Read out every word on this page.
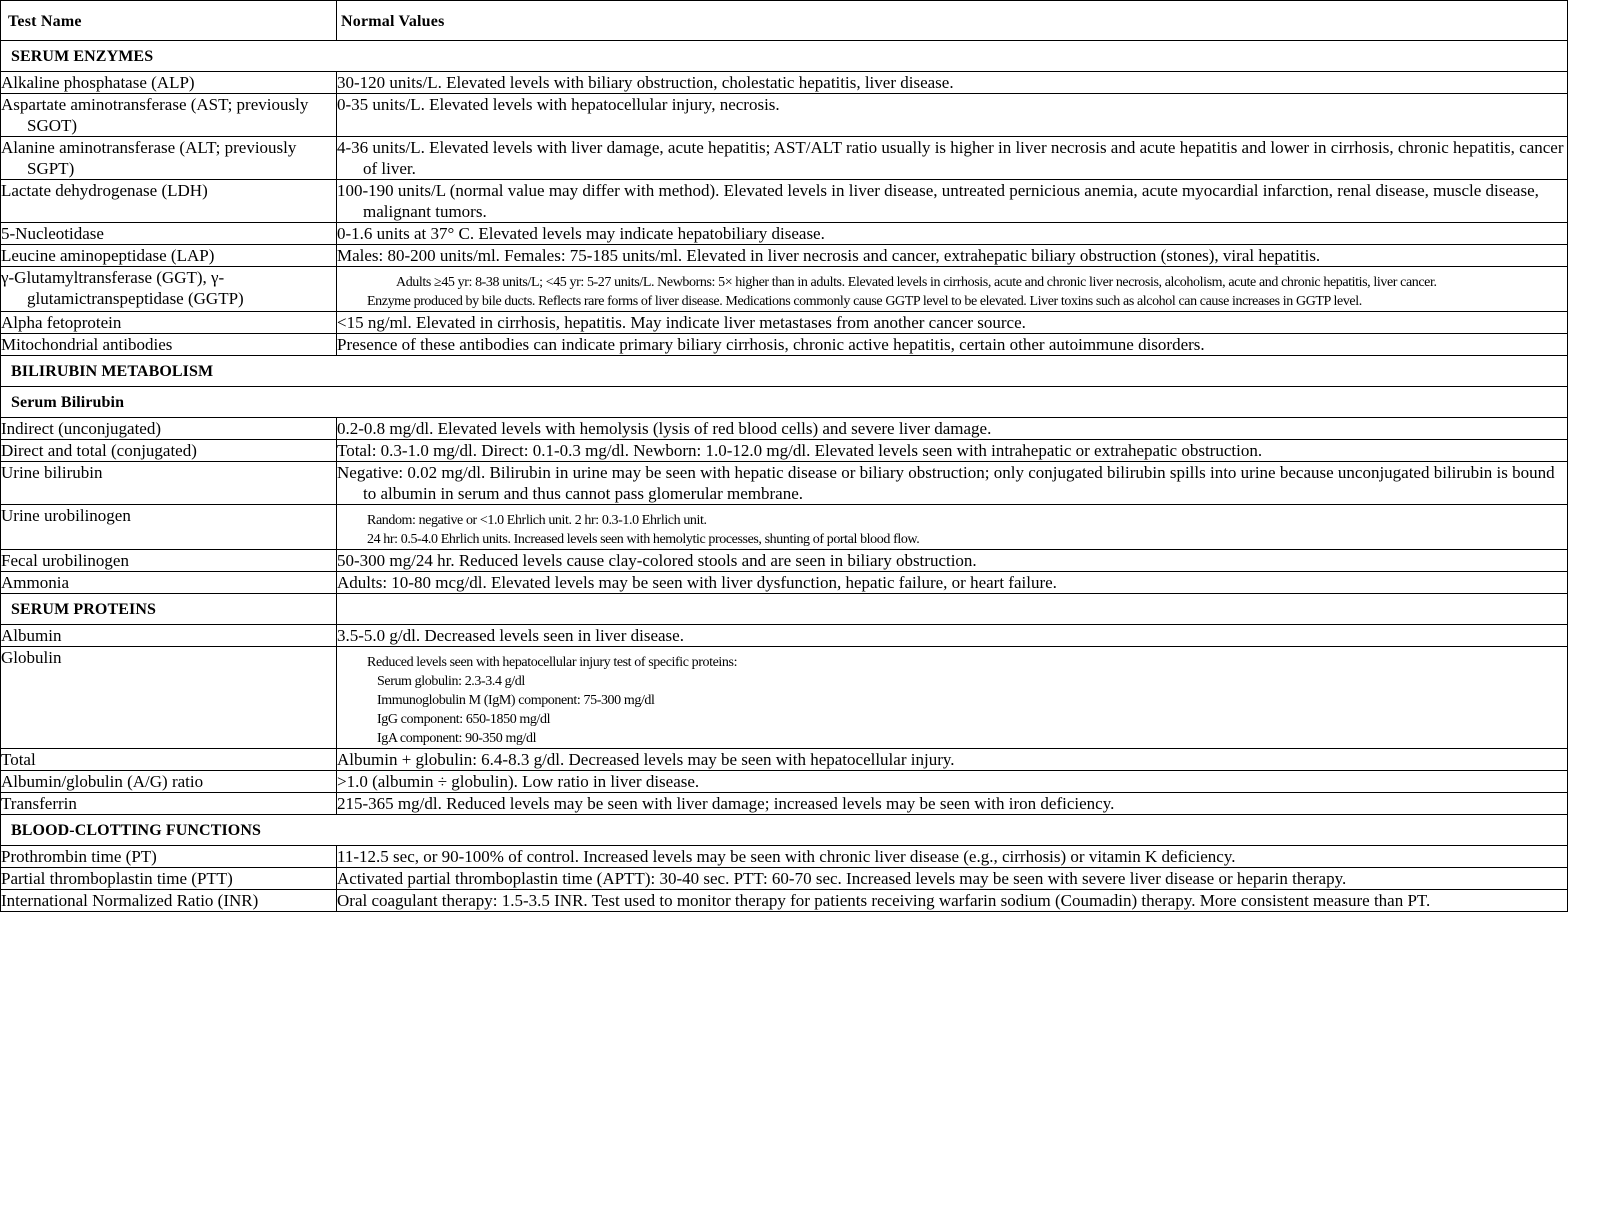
Test Name	Normal Values
SERUM ENZYMES	

Alkaline phosphatase (ALP)	30-120 units/L. Elevated levels with biliary obstruction, cholestatic hepatitis, liver disease.

Aspartate aminotransferase (AST; previously SGOT)	0-35 units/L. Elevated levels with hepatocellular injury, necrosis.

Alanine aminotransferase (ALT; previously SGPT)	4-36 units/L. Elevated levels with liver damage, acute hepatitis; AST/ALT ratio usually is higher in liver necrosis and acute hepatitis and lower in cirrhosis, chronic hepatitis, cancer of liver.

Lactate dehydrogenase (LDH)	100-190 units/L (normal value may differ with method). Elevated levels in liver disease, untreated pernicious anemia, acute myocardial infarction, renal disease, muscle disease, malignant tumors.

5-Nucleotidase	0-1.6 units at 37° C. Elevated levels may indicate hepatobiliary disease.

Leucine aminopeptidase (LAP)	Males: 80-200 units/ml. Females: 75-185 units/ml. Elevated in liver necrosis and cancer, extrahepatic biliary obstruction (stones), viral hepatitis.

γ-Glutamyltransferase (GGT), γ-glutamictranspeptidase (GGTP)	Adults ≥45 yr: 8-38 units/L; <45 yr: 5-27 units/L. Newborns: 5× higher than in adults. Elevated levels in cirrhosis, acute and chronic liver necrosis, alcoholism, acute and chronic hepatitis, liver cancer.
Enzyme produced by bile ducts. Reflects rare forms of liver disease. Medications commonly cause GGTP level to be elevated. Liver toxins such as alcohol can cause increases in GGTP level.

Alpha fetoprotein	<15 ng/ml. Elevated in cirrhosis, hepatitis. May indicate liver metastases from another cancer source.

Mitochondrial antibodies	Presence of these antibodies can indicate primary biliary cirrhosis, chronic active hepatitis, certain other autoimmune disorders.

BILIRUBIN METABOLISM	
Serum Bilirubin	

Indirect (unconjugated)	0.2-0.8 mg/dl. Elevated levels with hemolysis (lysis of red blood cells) and severe liver damage.

Direct and total (conjugated)	Total: 0.3-1.0 mg/dl. Direct: 0.1-0.3 mg/dl. Newborn: 1.0-12.0 mg/dl. Elevated levels seen with intrahepatic or extrahepatic obstruction.

Urine bilirubin	Negative: 0.02 mg/dl. Bilirubin in urine may be seen with hepatic disease or biliary obstruction; only conjugated bilirubin spills into urine because unconjugated bilirubin is bound to albumin in serum and thus cannot pass glomerular membrane.

Urine urobilinogen	Random: negative or <1.0 Ehrlich unit. 2 hr: 0.3-1.0 Ehrlich unit.
24 hr: 0.5-4.0 Ehrlich units. Increased levels seen with hemolytic processes, shunting of portal blood flow.

Fecal urobilinogen	50-300 mg/24 hr. Reduced levels cause clay-colored stools and are seen in biliary obstruction.

Ammonia	Adults: 10-80 mcg/dl. Elevated levels may be seen with liver dysfunction, hepatic failure, or heart failure.

SERUM PROTEINS	

Albumin	3.5-5.0 g/dl. Decreased levels seen in liver disease.

Globulin	Reduced levels seen with hepatocellular injury test of specific proteins:
Serum globulin: 2.3-3.4 g/dl
Immunoglobulin M (IgM) component: 75-300 mg/dl
IgG component: 650-1850 mg/dl
IgA component: 90-350 mg/dl

Total	Albumin + globulin: 6.4-8.3 g/dl. Decreased levels may be seen with hepatocellular injury.

Albumin/globulin (A/G) ratio	>1.0 (albumin ÷ globulin). Low ratio in liver disease.

Transferrin	215-365 mg/dl. Reduced levels may be seen with liver damage; increased levels may be seen with iron deficiency.

BLOOD-CLOTTING FUNCTIONS	

Prothrombin time (PT)	11-12.5 sec, or 90-100% of control. Increased levels may be seen with chronic liver disease (e.g., cirrhosis) or vitamin K deficiency.

Partial thromboplastin time (PTT)	Activated partial thromboplastin time (APTT): 30-40 sec. PTT: 60-70 sec. Increased levels may be seen with severe liver disease or heparin therapy.

International Normalized Ratio (INR)	Oral coagulant therapy: 1.5-3.5 INR. Test used to monitor therapy for patients receiving warfarin sodium (Coumadin) therapy. More consistent measure than PT.
